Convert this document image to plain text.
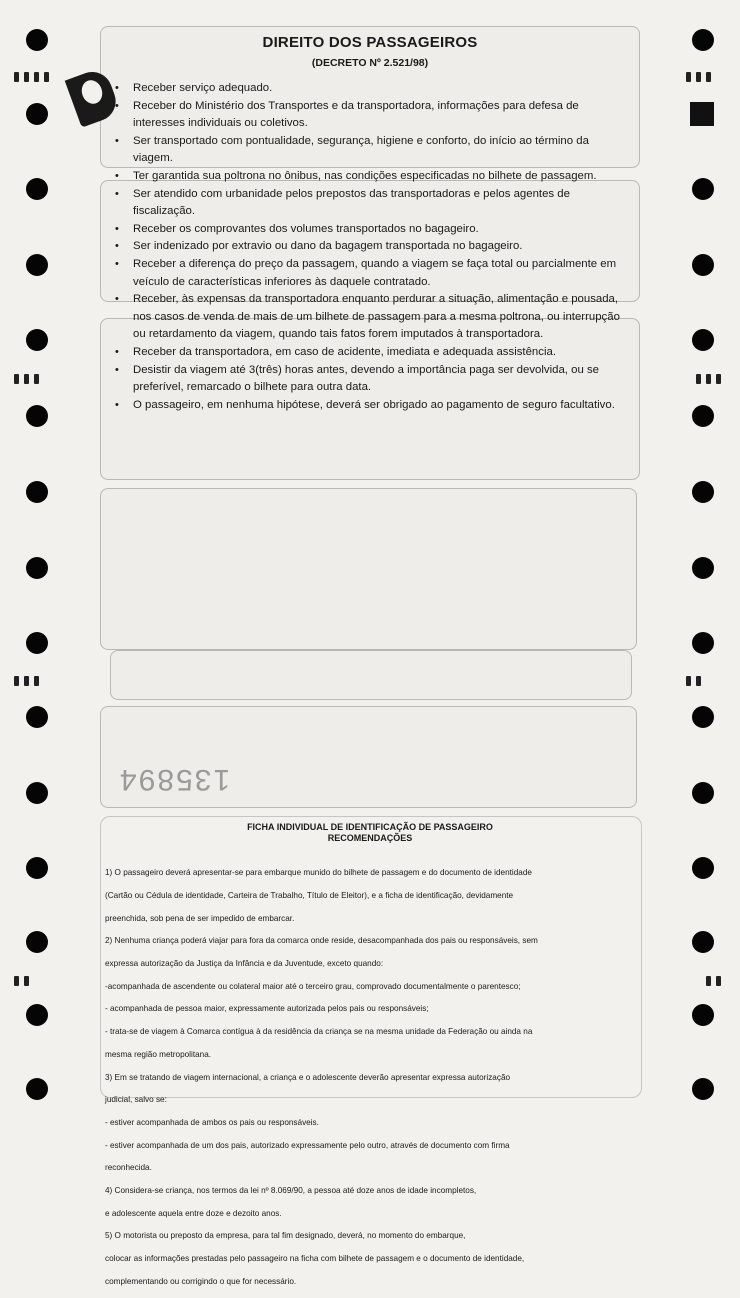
135894
DIREITO DOS PASSAGEIROS
(DECRETO Nº 2.521/98)
• Receber serviço adequado.
• Receber do Ministério dos Transportes e da transportadora, informações para defesa de interesses individuais ou coletivos.
• Ser transportado com pontualidade, segurança, higiene e conforto, do início ao término da viagem.
• Ter garantida sua poltrona no ônibus, nas condições especificadas no bilhete de passagem.
• Ser atendido com urbanidade pelos prepostos das transportadoras e pelos agentes de fiscalização.
• Receber os comprovantes dos volumes transportados no bagageiro.
• Ser indenizado por extravio ou dano da bagagem transportada no bagageiro.
• Receber a diferença do preço da passagem, quando a viagem se faça total ou parcialmente em veículo de características inferiores às daquele contratado.
• Receber, às expensas da transportadora enquanto perdurar a situação, alimentação e pousada, nos casos de venda de mais de um bilhete de passagem para a mesma poltrona, ou interrupção ou retardamento da viagem, quando tais fatos forem imputados à transportadora.
• Receber da transportadora, em caso de acidente, imediata e adequada assistência.
• Desistir da viagem até 3(três) horas antes, devendo a importância paga ser devolvida, ou se preferível, remarcado o bilhete para outra data.
• O passageiro, em nenhuma hipótese, deverá ser obrigado ao pagamento de seguro facultativo.
FICHA INDIVIDUAL DE IDENTIFICAÇÃO DE PASSAGEIRO
RECOMENDAÇÕES

1) O passageiro deverá apresentar-se para embarque munido do bilhete de passagem e do documento de identidade

(Cartão ou Cédula de identidade, Carteira de Trabalho, Título de Eleitor), e a ficha de identificação, devidamente

preenchida, sob pena de ser impedido de embarcar.

2) Nenhuma criança poderá viajar para fora da comarca onde reside, desacompanhada dos pais ou responsáveis, sem

expressa autorização da Justiça da Infância e da Juventude, exceto quando:

-acompanhada de ascendente ou colateral maior até o terceiro grau, comprovado documentalmente o parentesco;

- acompanhada de pessoa maior, expressamente autorizada pelos pais ou responsáveis;

- trata-se de viagem à Comarca contígua à da residência da criança se na mesma unidade da Federação ou ainda na

mesma região metropolitana.

3) Em se tratando de viagem internacional, a criança e o adolescente deverão apresentar expressa autorização

judicial, salvo se:

- estiver acompanhada de ambos os pais ou responsáveis.

- estiver acompanhada de um dos pais, autorizado expressamente pelo outro, através de documento com firma

reconhecida.

4) Considera-se criança, nos termos da lei nº 8.069/90, a pessoa até doze anos de idade incompletos,

e adolescente aquela entre doze e dezoito anos.

5) O motorista ou preposto da empresa, para tal fim designado, deverá, no momento do embarque,

colocar as informações prestadas pelo passageiro na ficha com bilhete de passagem e o documento de identidade,

complementando ou corrigindo o que for necessário.
